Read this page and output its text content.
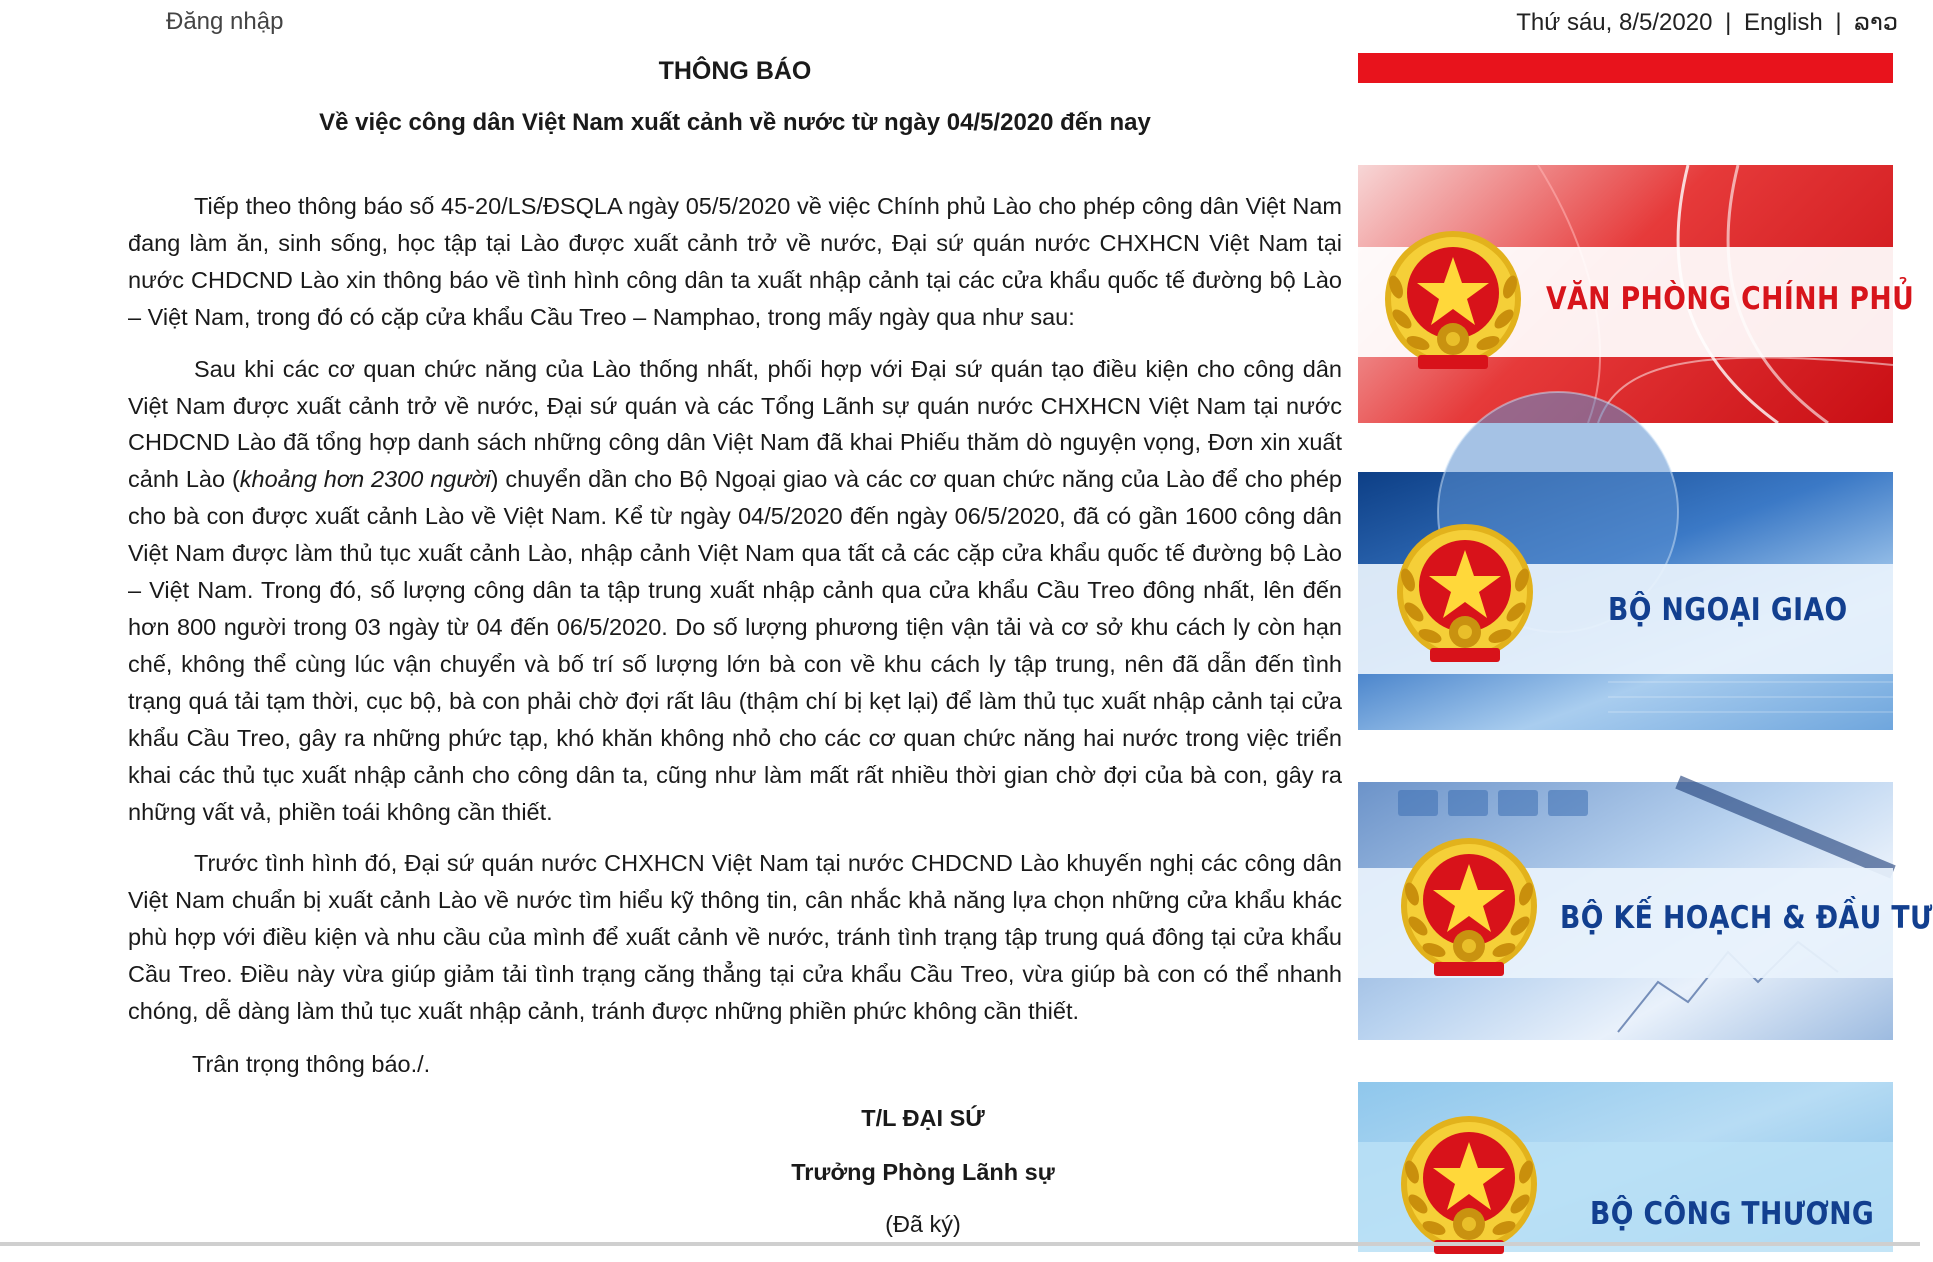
Đăng nhập	Thứ sáu, 8/5/2020 | English | ລາວ
THÔNG BÁO
Về việc công dân Việt Nam xuất cảnh về nước từ ngày 04/5/2020 đến nay

Tiếp theo thông báo số 45-20/LS/ĐSQLA ngày 05/5/2020 về việc Chính phủ Lào cho phép công dân Việt Nam đang làm ăn, sinh sống, học tập tại Lào được xuất cảnh trở về nước, Đại sứ quán nước CHXHCN Việt Nam tại nước CHDCND Lào xin thông báo về tình hình công dân ta xuất nhập cảnh tại các cửa khẩu quốc tế đường bộ Lào – Việt Nam, trong đó có cặp cửa khẩu Cầu Treo – Namphao, trong mấy ngày qua như sau:

Sau khi các cơ quan chức năng của Lào thống nhất, phối hợp với Đại sứ quán tạo điều kiện cho công dân Việt Nam được xuất cảnh trở về nước, Đại sứ quán và các Tổng Lãnh sự quán nước CHXHCN Việt Nam tại nước CHDCND Lào đã tổng hợp danh sách những công dân Việt Nam đã khai Phiếu thăm dò nguyện vọng, Đơn xin xuất cảnh Lào (khoảng hơn 2300 người) chuyển dần cho Bộ Ngoại giao và các cơ quan chức năng của Lào để cho phép cho bà con được xuất cảnh Lào về Việt Nam. Kể từ ngày 04/5/2020 đến ngày 06/5/2020, đã có gần 1600 công dân Việt Nam được làm thủ tục xuất cảnh Lào, nhập cảnh Việt Nam qua tất cả các cặp cửa khẩu quốc tế đường bộ Lào – Việt Nam. Trong đó, số lượng công dân ta tập trung xuất nhập cảnh qua cửa khẩu Cầu Treo đông nhất, lên đến hơn 800 người trong 03 ngày từ 04 đến 06/5/2020. Do số lượng phương tiện vận tải và cơ sở khu cách ly còn hạn chế, không thể cùng lúc vận chuyển và bố trí số lượng lớn bà con về khu cách ly tập trung, nên đã dẫn đến tình trạng quá tải tạm thời, cục bộ, bà con phải chờ đợi rất lâu (thậm chí bị kẹt lại) để làm thủ tục xuất nhập cảnh tại cửa khẩu Cầu Treo, gây ra những phức tạp, khó khăn không nhỏ cho các cơ quan chức năng hai nước trong việc triển khai các thủ tục xuất nhập cảnh cho công dân ta, cũng như làm mất rất nhiều thời gian chờ đợi của bà con, gây ra những vất vả, phiền toái không cần thiết.

Trước tình hình đó, Đại sứ quán nước CHXHCN Việt Nam tại nước CHDCND Lào khuyến nghị các công dân Việt Nam chuẩn bị xuất cảnh Lào về nước tìm hiểu kỹ thông tin, cân nhắc khả năng lựa chọn những cửa khẩu khác phù hợp với điều kiện và nhu cầu của mình để xuất cảnh về nước, tránh tình trạng tập trung quá đông tại cửa khẩu Cầu Treo. Điều này vừa giúp giảm tải tình trạng căng thẳng tại cửa khẩu Cầu Treo, vừa giúp bà con có thể nhanh chóng, dễ dàng làm thủ tục xuất nhập cảnh, tránh được những phiền phức không cần thiết.

Trân trọng thông báo./.
T/L ĐẠI SỨ
Trưởng Phòng Lãnh sự
(Đã ký)
VĂN PHÒNG CHÍNH PHỦ
BỘ NGOẠI GIAO
BỘ KẾ HOẠCH & ĐẦU TƯ
BỘ CÔNG THƯƠNG
